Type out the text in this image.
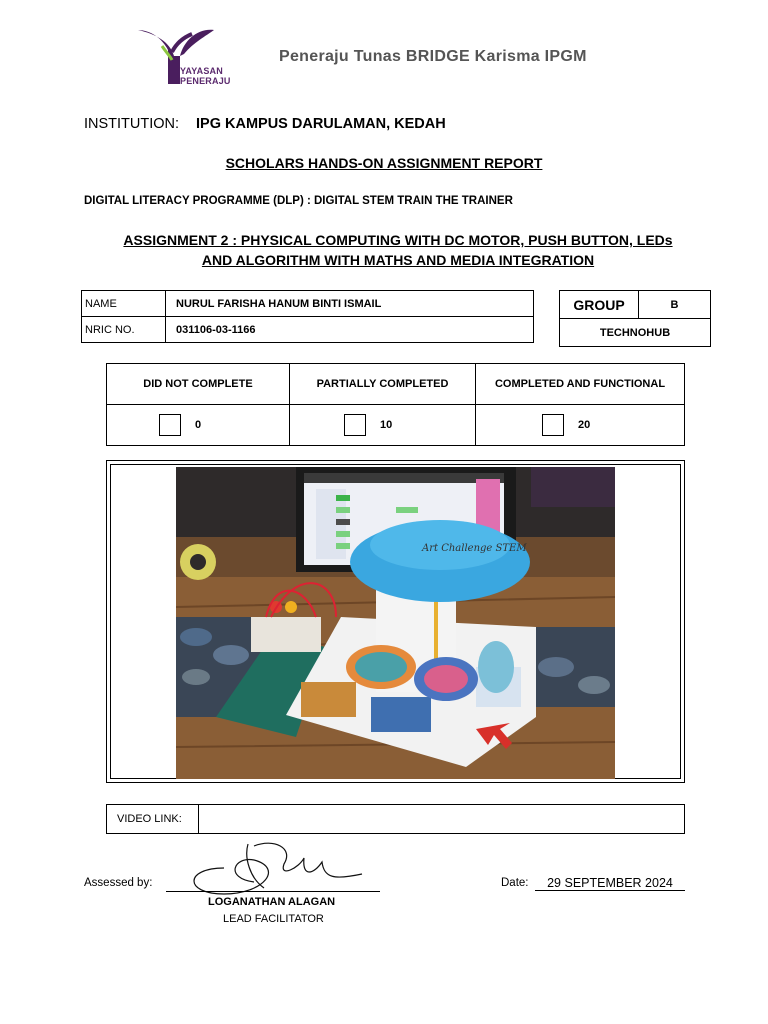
YAYASAN
PENERAJU
Peneraju Tunas BRIDGE Karisma IPGM
INSTITUTION: IPG KAMPUS DARULAMAN, KEDAH
SCHOLARS HANDS-ON ASSIGNMENT REPORT
DIGITAL LITERACY PROGRAMME (DLP) : DIGITAL STEM TRAIN THE TRAINER
ASSIGNMENT 2 : PHYSICAL COMPUTING WITH DC MOTOR, PUSH BUTTON, LEDs
AND ALGORITHM WITH MATHS AND MEDIA INTEGRATION
NAME	NURUL FARISHA HANUM BINTI ISMAIL
NRIC NO.	031106-03-1166
GROUP	B
TECHNOHUB
DID NOT COMPLETE	PARTIALLY COMPLETED	COMPLETED AND FUNCTIONAL
0	10	20
Art Challenge STEM
VIDEO LINK:	
Assessed by:
LOGANATHAN ALAGAN
LEAD FACILITATOR
Date:	29 SEPTEMBER 2024
